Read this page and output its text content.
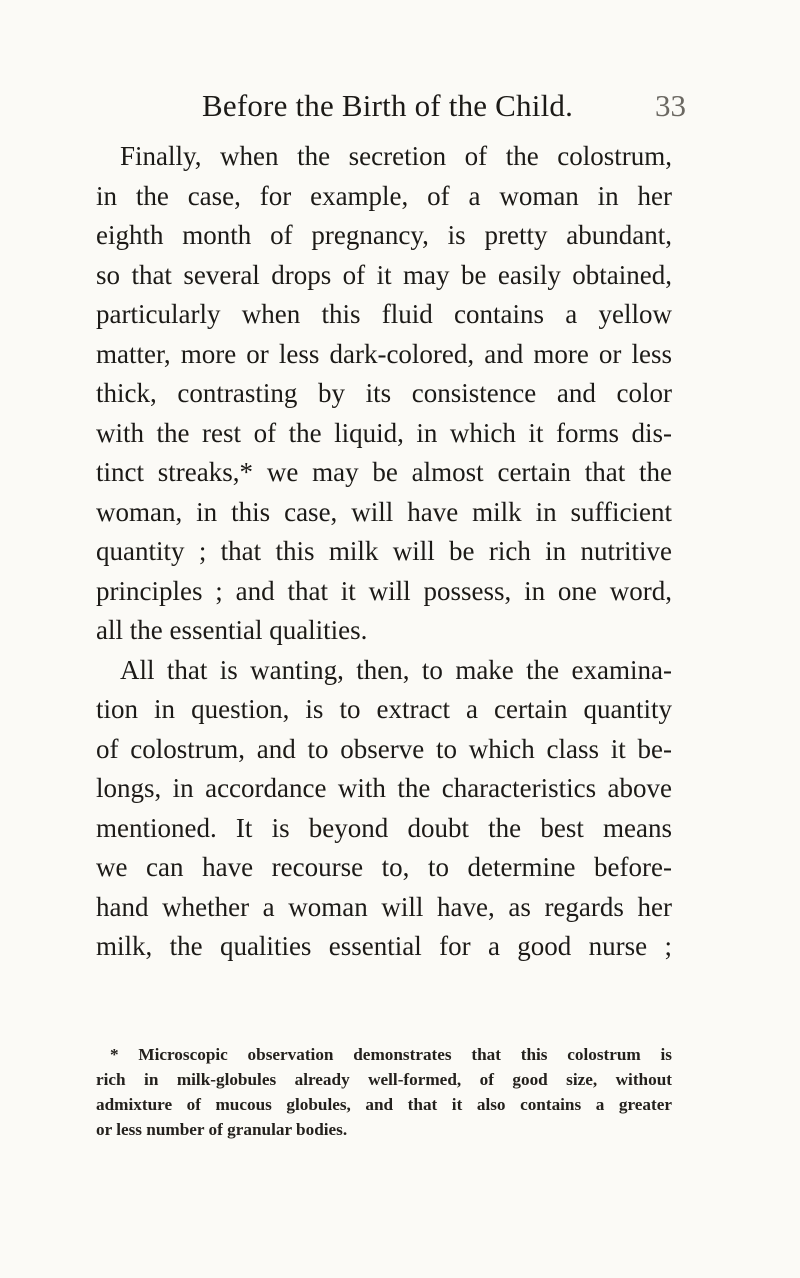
Before the Birth of the Child.	33
Finally, when the secretion of the colostrum,
in the case, for example, of a woman in her
eighth month of pregnancy, is pretty abundant,
so that several drops of it may be easily obtained,
particularly when this fluid contains a yellow
matter, more or less dark-colored, and more or less
thick, contrasting by its consistence and color
with the rest of the liquid, in which it forms dis-
tinct streaks,* we may be almost certain that the
woman, in this case, will have milk in sufficient
quantity ; that this milk will be rich in nutritive
principles ; and that it will possess, in one word,
all the essential qualities.
All that is wanting, then, to make the examina-
tion in question, is to extract a certain quantity
of colostrum, and to observe to which class it be-
longs, in accordance with the characteristics above
mentioned. It is beyond doubt the best means
we can have recourse to, to determine before-
hand whether a woman will have, as regards her
milk, the qualities essential for a good nurse ;
* Microscopic observation demonstrates that this colostrum is
rich in milk-globules already well-formed, of good size, without
admixture of mucous globules, and that it also contains a greater
or less number of granular bodies.
